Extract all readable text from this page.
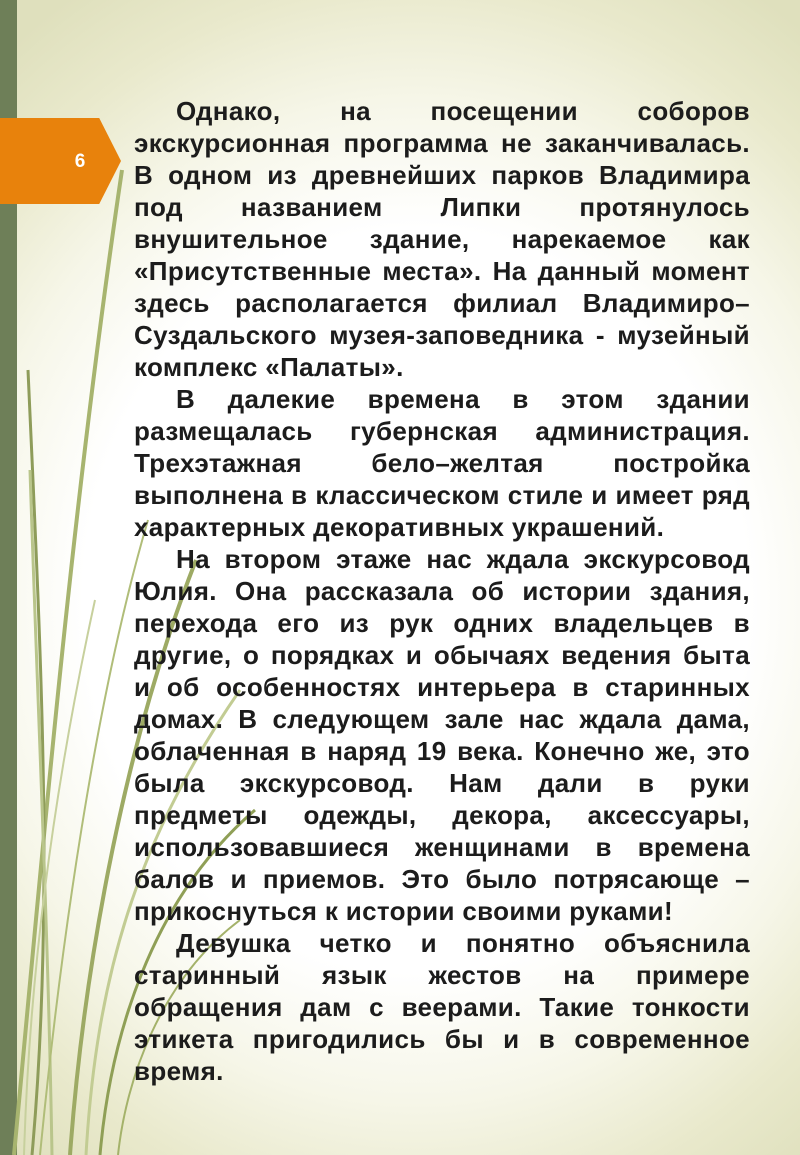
6
Однако, на посещении соборов
экскурсионная программа не заканчивалась.
В одном из древнейших парков Владимира
под названием Липки протянулось
внушительное здание, нарекаемое как
«Присутственные места». На данный момент
здесь располагается филиал Владимиро–
Суздальского музея-заповедника - музейный
комплекс «Палаты».
В далекие времена в этом здании
размещалась губернская администрация.
Трехэтажная бело–желтая постройка
выполнена в классическом стиле и имеет ряд
характерных декоративных украшений.
На втором этаже нас ждала экскурсовод
Юлия. Она рассказала об истории здания,
перехода его из рук одних владельцев в
другие, о порядках и обычаях ведения быта
и об особенностях интерьера в старинных
домах. В следующем зале нас ждала дама,
облаченная в наряд 19 века. Конечно же, это
была экскурсовод. Нам дали в руки
предметы одежды, декора, аксессуары,
использовавшиеся женщинами в времена
балов и приемов. Это было потрясающе –
прикоснуться к истории своими руками!
Девушка четко и понятно объяснила
старинный язык жестов на примере
обращения дам с веерами. Такие тонкости
этикета пригодились бы и в современное
время.
